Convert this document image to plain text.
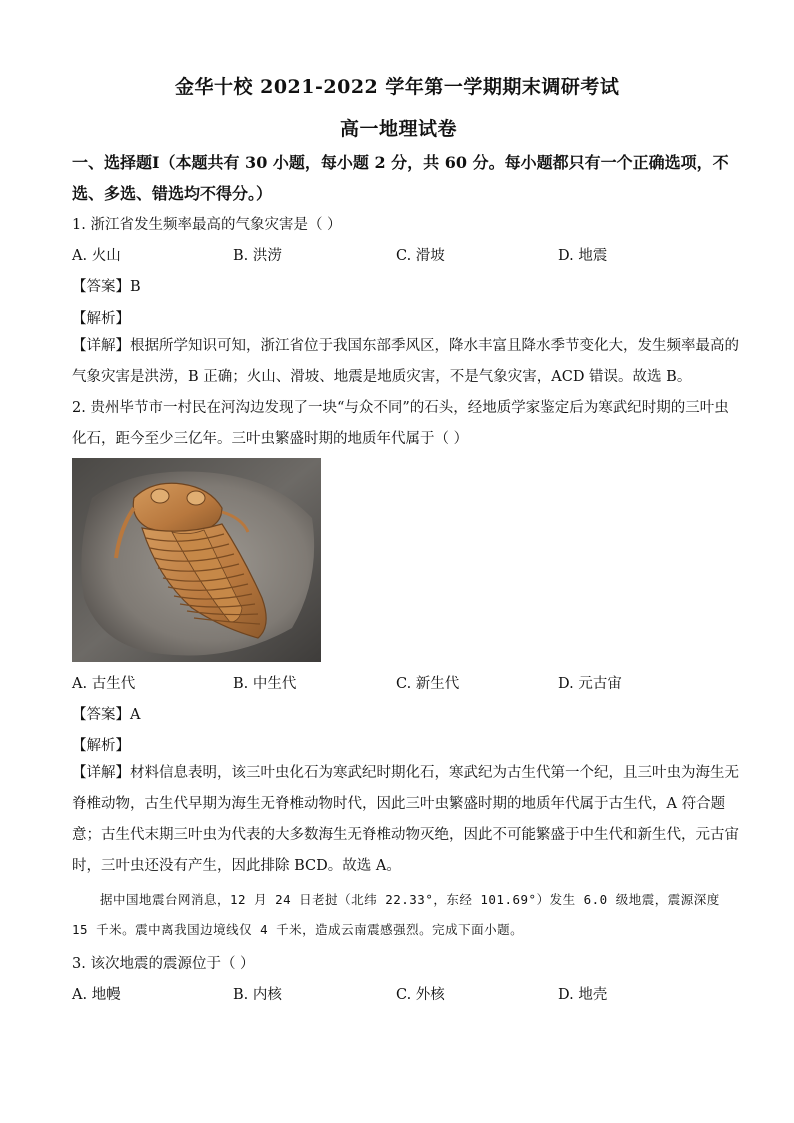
金华十校 2021-2022 学年第一学期期末调研考试
高一地理试卷
一、选择题Ⅰ（本题共有 30 小题，每小题 2 分，共 60 分。每小题都只有一个正确选项，不
选、多选、错选均不得分。）
1. 浙江省发生频率最高的气象灾害是（ ）
A. 火山	B. 洪涝	C. 滑坡	D. 地震
【答案】B
【解析】
【详解】根据所学知识可知，浙江省位于我国东部季风区，降水丰富且降水季节变化大，发生频率最高的
气象灾害是洪涝，B 正确；火山、滑坡、地震是地质灾害，不是气象灾害，ACD 错误。故选 B。
2. 贵州毕节市一村民在河沟边发现了一块“与众不同”的石头，经地质学家鉴定后为寒武纪时期的三叶虫
化石，距今至少三亿年。三叶虫繁盛时期的地质年代属于（ ）
A. 古生代	B. 中生代	C. 新生代	D. 元古宙
【答案】A
【解析】
【详解】材料信息表明，该三叶虫化石为寒武纪时期化石，寒武纪为古生代第一个纪，且三叶虫为海生无
脊椎动物，古生代早期为海生无脊椎动物时代，因此三叶虫繁盛时期的地质年代属于古生代，A 符合题
意；古生代末期三叶虫为代表的大多数海生无脊椎动物灭绝，因此不可能繁盛于中生代和新生代，元古宙
时，三叶虫还没有产生，因此排除 BCD。故选 A。
据中国地震台网消息，12 月 24 日老挝（北纬 22.33°，东经 101.69°）发生 6.0 级地震，震源深度
15 千米。震中离我国边境线仅 4 千米，造成云南震感强烈。完成下面小题。
3. 该次地震的震源位于（ ）
A. 地幔	B. 内核	C. 外核	D. 地壳
